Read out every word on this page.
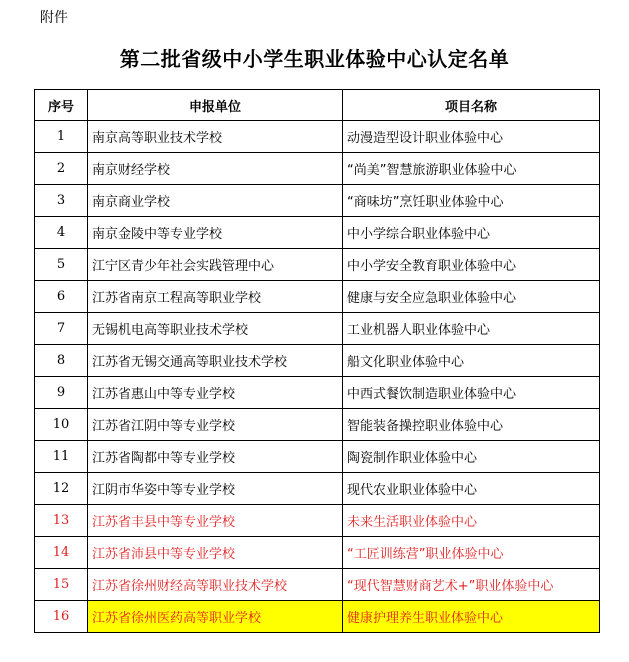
附件
第二批省级中小学生职业体验中心认定名单
序号	申报单位	项目名称
1	南京高等职业技术学校	动漫造型设计职业体验中心
2	南京财经学校	“尚美”智慧旅游职业体验中心
3	南京商业学校	“商味坊”烹饪职业体验中心
4	南京金陵中等专业学校	中小学综合职业体验中心
5	江宁区青少年社会实践管理中心	中小学安全教育职业体验中心
6	江苏省南京工程高等职业学校	健康与安全应急职业体验中心
7	无锡机电高等职业技术学校	工业机器人职业体验中心
8	江苏省无锡交通高等职业技术学校	船文化职业体验中心
9	江苏省惠山中等专业学校	中西式餐饮制造职业体验中心
10	江苏省江阴中等专业学校	智能装备操控职业体验中心
11	江苏省陶都中等专业学校	陶瓷制作职业体验中心
12	江阴市华姿中等专业学校	现代农业职业体验中心
13	江苏省丰县中等专业学校	未来生活职业体验中心
14	江苏省沛县中等专业学校	“工匠训练营”职业体验中心
15	江苏省徐州财经高等职业技术学校	“现代智慧财商艺术+”职业体验中心
16	江苏省徐州医药高等职业学校	健康护理养生职业体验中心
